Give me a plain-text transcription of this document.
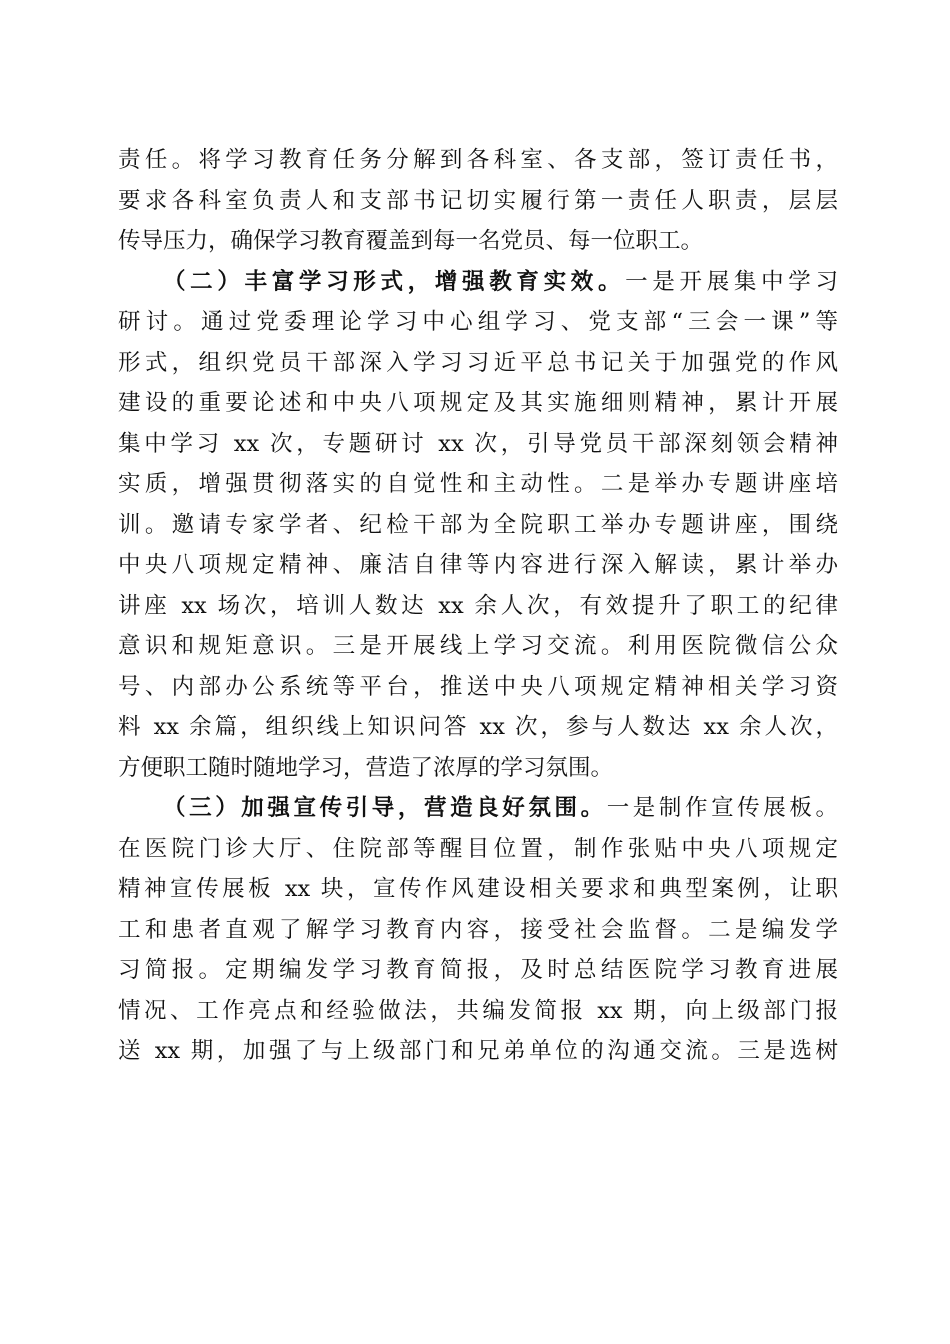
责任。将学习教育任务分解到各科室、各支部，签订责任书，
要求各科室负责人和支部书记切实履行第一责任人职责，层层
传导压力，确保学习教育覆盖到每一名党员、每一位职工。
（二）丰富学习形式，增强教育实效。一是开展集中学习
研讨。通过党委理论学习中心组学习、党支部“三会一课”等
形式，组织党员干部深入学习习近平总书记关于加强党的作风
建设的重要论述和中央八项规定及其实施细则精神，累计开展
集中学习 xx 次，专题研讨 xx 次，引导党员干部深刻领会精神
实质，增强贯彻落实的自觉性和主动性。二是举办专题讲座培
训。邀请专家学者、纪检干部为全院职工举办专题讲座，围绕
中央八项规定精神、廉洁自律等内容进行深入解读，累计举办
讲座 xx 场次，培训人数达 xx 余人次，有效提升了职工的纪律
意识和规矩意识。三是开展线上学习交流。利用医院微信公众
号、内部办公系统等平台，推送中央八项规定精神相关学习资
料 xx 余篇，组织线上知识问答 xx 次，参与人数达 xx 余人次，
方便职工随时随地学习，营造了浓厚的学习氛围。
（三）加强宣传引导，营造良好氛围。一是制作宣传展板。
在医院门诊大厅、住院部等醒目位置，制作张贴中央八项规定
精神宣传展板 xx 块，宣传作风建设相关要求和典型案例，让职
工和患者直观了解学习教育内容，接受社会监督。二是编发学
习简报。定期编发学习教育简报，及时总结医院学习教育进展
情况、工作亮点和经验做法，共编发简报 xx 期，向上级部门报
送 xx 期，加强了与上级部门和兄弟单位的沟通交流。三是选树
